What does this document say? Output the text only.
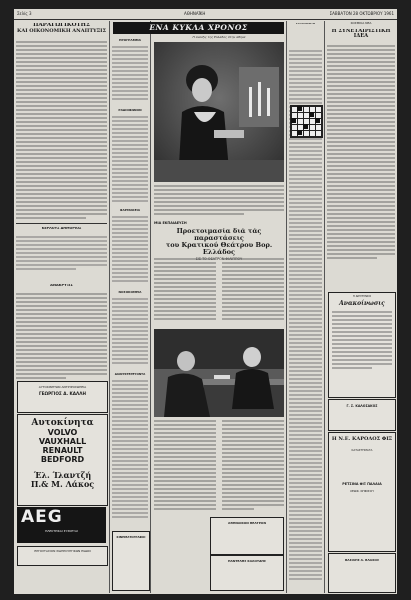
Σελίς 3	ΑΘΗΝΑΪΚΗ	ΣΑΒΒΑΤΟΝ 28 ΟΚΤΩΒΡΙΟΥ 1961
ΠΑΡΑΓΩΓΙΚΟΤΗΣ
ΚΑΙ ΟΙΚΟΝΟΜΙΚΗ ΑΝΑΠΤΥΞΙΣ
ΚΕΡΛΟΥΣ ΔΗΜΟΡΙΟΣ
ΑΝΑΚΡΥΞΙΣ
ΑΥΤΟΚΙΝΗΤΩΝ ΑΝΤΙΠΡΟΣΩΠΕΙΑ
ΓΕΩΡΓΙΟΣ Δ. ΚΑΛΛΗ
Αυτοκίνητα
VOLVO
VAUXHALL
RENAULT
BEDFORD
Έλ. Ίλαντζή
Π.& Μ. Λάκος
AEG
ΗΛΕΚΤΡΙΚΑΙ ΣΥΣΚΕΥΑΙ
ΕΡΓΟΣΤΑΣΙΟΝ ΣΙΔΗΡΟΥΡΓΙΚΩΝ ΕΙΔΩΝ
ΠΡΟΓΡΑΜΜΑ
ΡΑΔΙΟΦΩΝΟΝ
ΦΑΡΜΑΚΕΙΑ
ΝΟΣΟΚΟΜΕΙΑ
ΔΙΑΝΥΚΤΕΡΕΥΟΝΤΑ
ΚΙΝΗΜΑΤΟΓΡΑΦΟΙ
ΕΝΑ ΚΥΚΛΑ ΧΡΟΝΟΣ
Η άνοιξις της Ελλάδος στην αθήνα
ΜΙΑ ΕΚΠΑΙΔΕΥΣΗ
Προετοιμασία διά τάς παραστάσεις
του Κρατικού Θεάτρου Βορ. Ελλάδος
ΕΙΣ ΤΟ ΘΕΑΤΡΟΝ ΦΙΛΙΠΠΟΥ
ΑΘΗΝΑΙΚΟΝ ΘΕΑΤΡΟΝ
ΠΑΝΤΕΛΗΣ ΚΑΛΟΥΔΗΣ
ΚΟΣΜΙΚΑ ΝΕΑ
Η ΣΥΝΕΤΑΙΡΙΣΤΙΚΗ
ΙΔΕΑ
ΣΤΑΥΡΟΛΕΞΟ
Η ΔΙΕΥΘΥΝΣΙΣ
Ανακοίνωσις
Γ. Σ. ΚΑΛΟΣΑΚΟΣ
Η Ν.Ε. ΚΑΡΟΛΟΣ ΦΙΞ
ΚΑΤΑΣΤΗΜΑΤΑ
ΡΕΤΣΙΝΑ ΦΙΞ ΠΑΛΑΙΑ
ΛΕΩΦ. ΚΗΦΙΣΟΥ
ΒΑΣΙΛΗΣ Α. ΒΛΑΧΟΣ
